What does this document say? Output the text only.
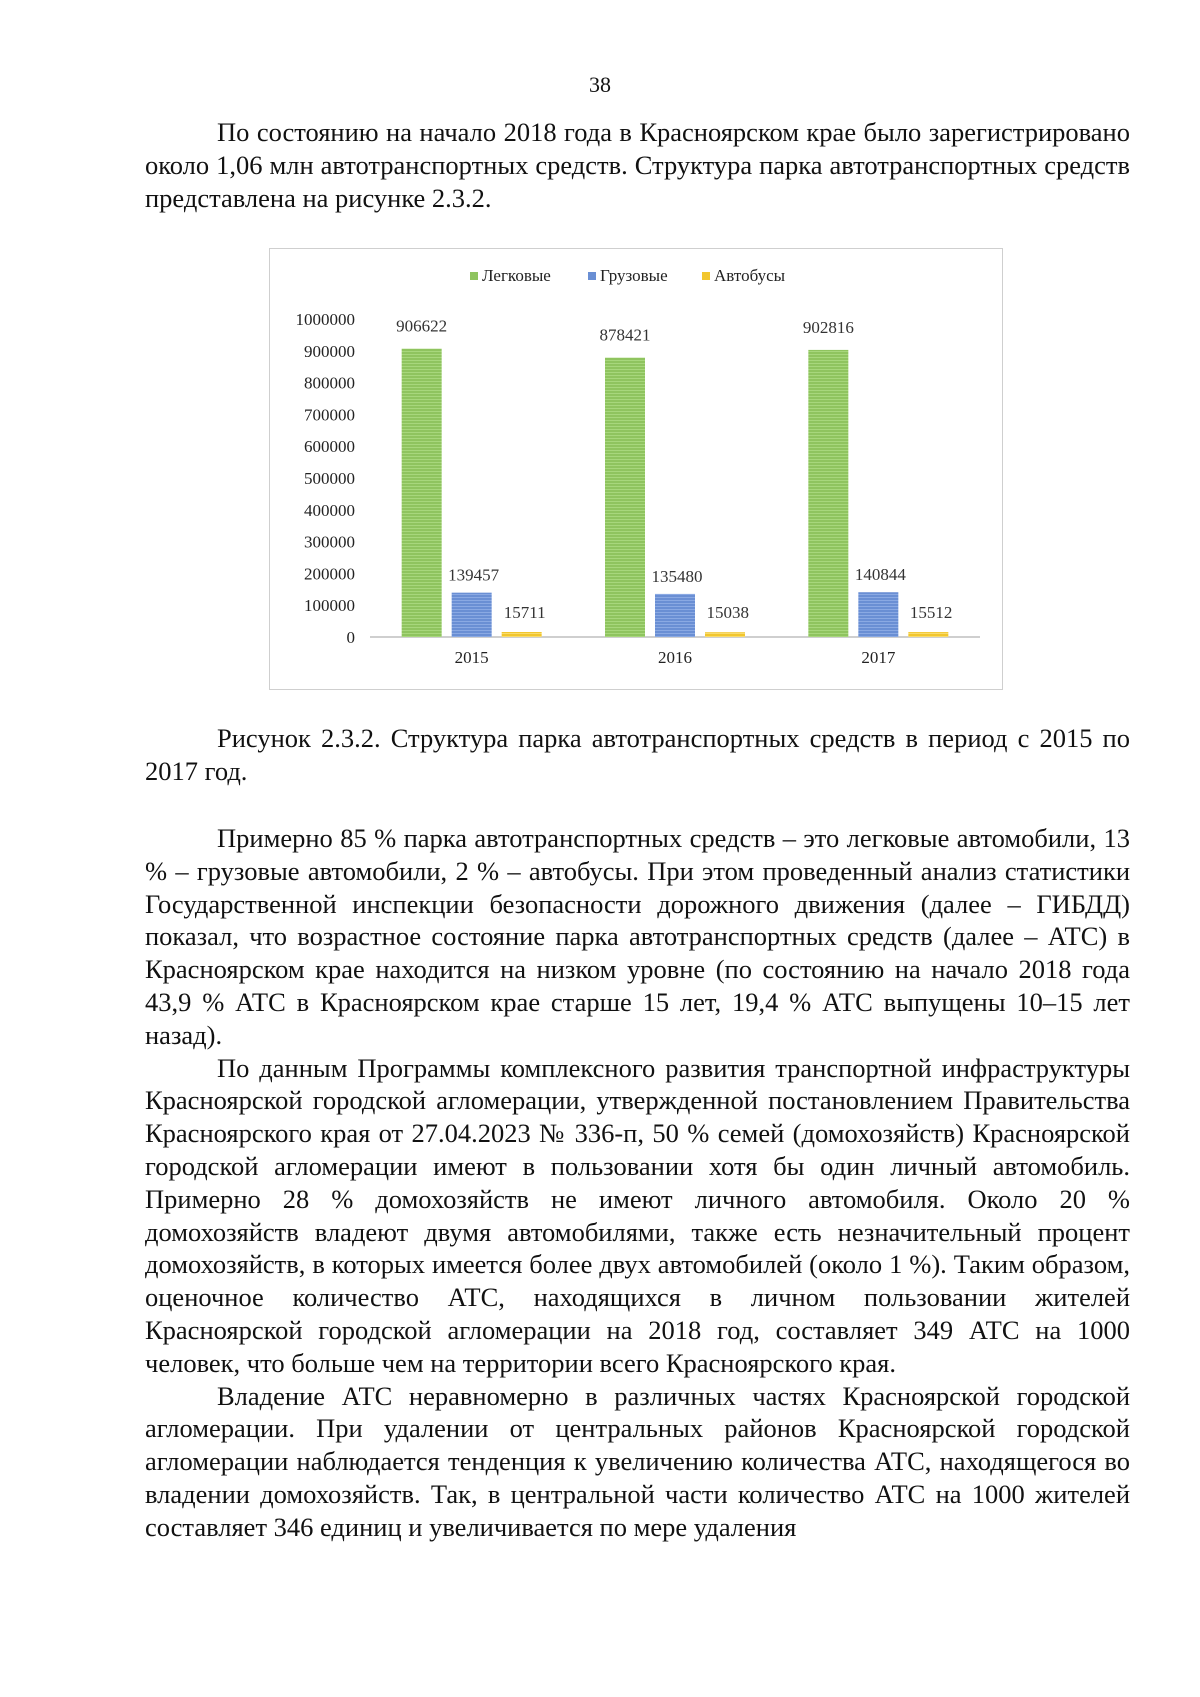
38

По состоянию на начало 2018 года в Красноярском крае было зарегистрировано около 1,06 млн автотранспортных средств. Структура парка автотранспортных средств представлена на рисунке 2.3.2.

Легковые	Грузовые	Автобусы
0
100000
200000
300000
400000
500000
600000
700000
800000
900000
1000000 906622
139457
15711
878421
135480
15038
902816
140844
15512
2015	2016	2017

Рисунок 2.3.2. Структура парка автотранспортных средств в период с 2015 по 2017 год.

Примерно 85 % парка автотранспортных средств – это легковые автомобили, 13 % – грузовые автомобили, 2 % – автобусы. При этом проведенный анализ статистики Государственной инспекции безопасности дорожного движения (далее – ГИБДД) показал, что возрастное состояние парка автотранспортных средств (далее – АТС) в Красноярском крае находится на низком уровне (по состоянию на начало 2018 года 43,9 % АТС в Красноярском крае старше 15 лет, 19,4 % АТС выпущены 10–15 лет назад).

По данным Программы комплексного развития транспортной инфраструктуры Красноярской городской агломерации, утвержденной постановлением Правительства Красноярского края от 27.04.2023 № 336-п, 50 % семей (домохозяйств) Красноярской городской агломерации имеют в пользовании хотя бы один личный автомобиль. Примерно 28 % домохозяйств не имеют личного автомобиля. Около 20 % домохозяйств владеют двумя автомобилями, также есть незначительный процент домохозяйств, в которых имеется более двух автомобилей (около 1 %). Таким образом, оценочное количество АТС, находящихся в личном пользовании жителей Красноярской городской агломерации на 2018 год, составляет 349 АТС на 1000 человек, что больше чем на территории всего Красноярского края.

Владение АТС неравномерно в различных частях Красноярской городской агломерации. При удалении от центральных районов Красноярской городской агломерации наблюдается тенденция к увеличению количества АТС, находящегося во владении домохозяйств. Так, в центральной части количество АТС на 1000 жителей составляет 346 единиц и увеличивается по мере удаления
